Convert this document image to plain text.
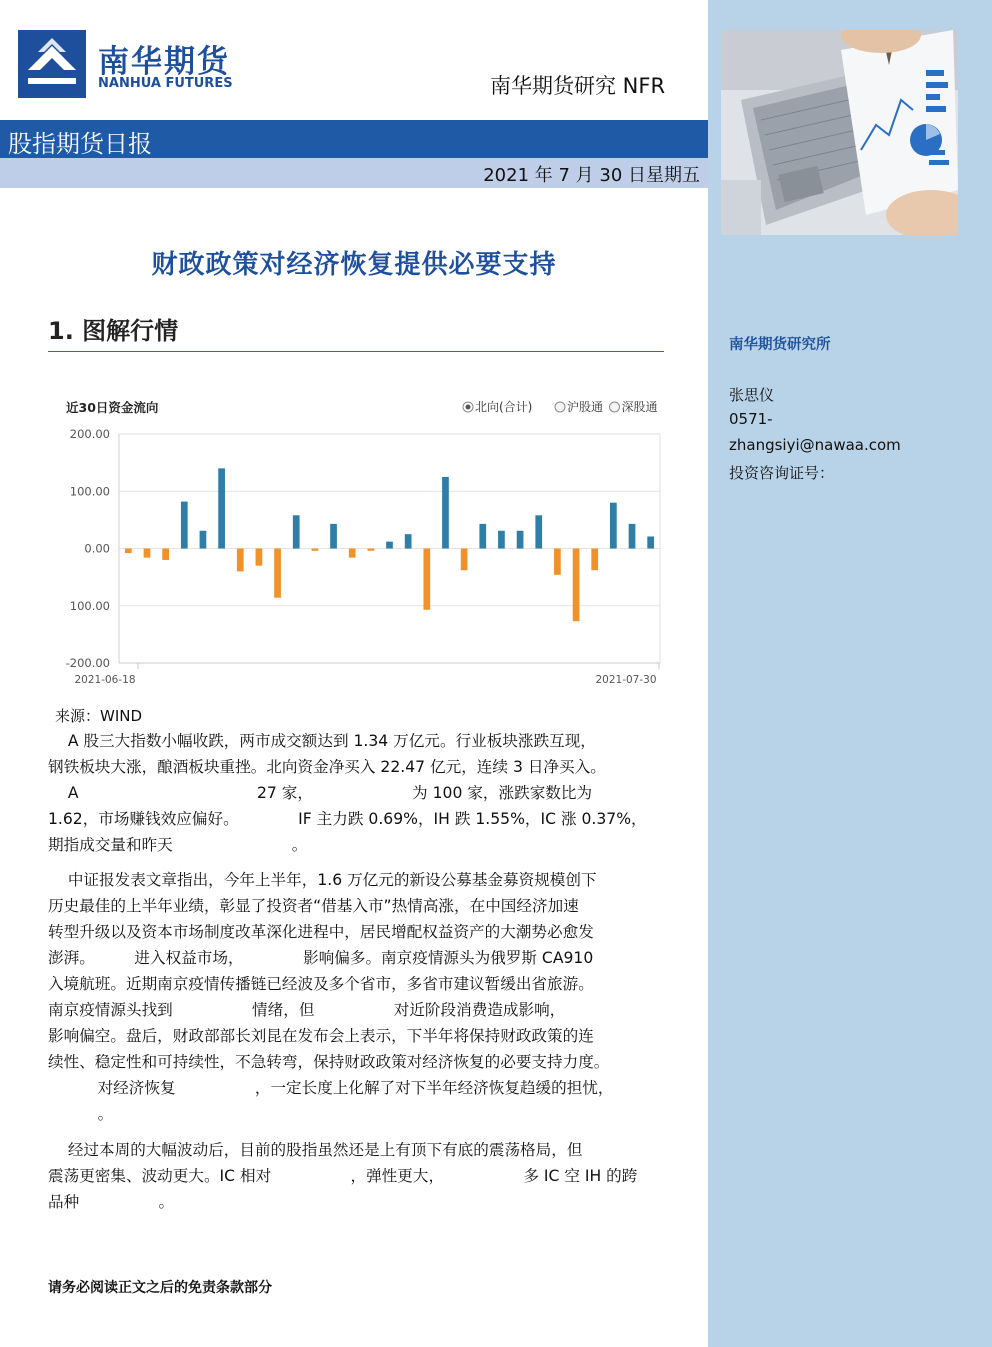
南华期货
NANHUA FUTURES	南华期货研究 NFR
股指期货日报
2021 年 7 月 30 日星期五
财政政策对经济恢复提供必要支持
1. 图解行情
近30日资金流向	北向(合计)	沪股通 深股通
200.00
100.00
0.00
100.00
-200.00
2021-06-18	2021-07-30
来源：WIND

A 股三大指数小幅收跌，两市成交额达到 1.34 万亿元。行业板块涨跌互现，
钢铁板块大涨，酿酒板块重挫。北向资金净买入 22.47 亿元，连续 3 日净买入。
A                                    27 家，                    为 100 家，涨跌家数比为
1.62，市场赚钱效应偏好。            IF 主力跌 0.69%，IH 跌 1.55%，IC 涨 0.37%，
期指成交量和昨天                        。

中证报发表文章指出，今年上半年，1.6 万亿元的新设公募基金募资规模创下
历史最佳的上半年业绩，彰显了投资者“借基入市”热情高涨，在中国经济加速
转型升级以及资本市场制度改革深化进程中，居民增配权益资产的大潮势必愈发
澎湃。        进入权益市场，            影响偏多。南京疫情源头为俄罗斯 CA910
入境航班。近期南京疫情传播链已经波及多个省市，多省市建议暂缓出省旅游。
南京疫情源头找到                情绪，但                对近阶段消费造成影响，
影响偏空。盘后，财政部部长刘昆在发布会上表示，下半年将保持财政政策的连
续性、稳定性和可持续性，不急转弯，保持财政政策对经济恢复的必要支持力度。
对经济恢复                ，一定长度上化解了对下半年经济恢复趋缓的担忧，
。

经过本周的大幅波动后，目前的股指虽然还是上有顶下有底的震荡格局，但
震荡更密集、波动更大。IC 相对                ，弹性更大，                多 IC 空 IH 的跨
品种                。

请务必阅读正文之后的免责条款部分
南华期货研究所
张思仪
0571-
zhangsiyi@nawaa.com
投资咨询证号：
